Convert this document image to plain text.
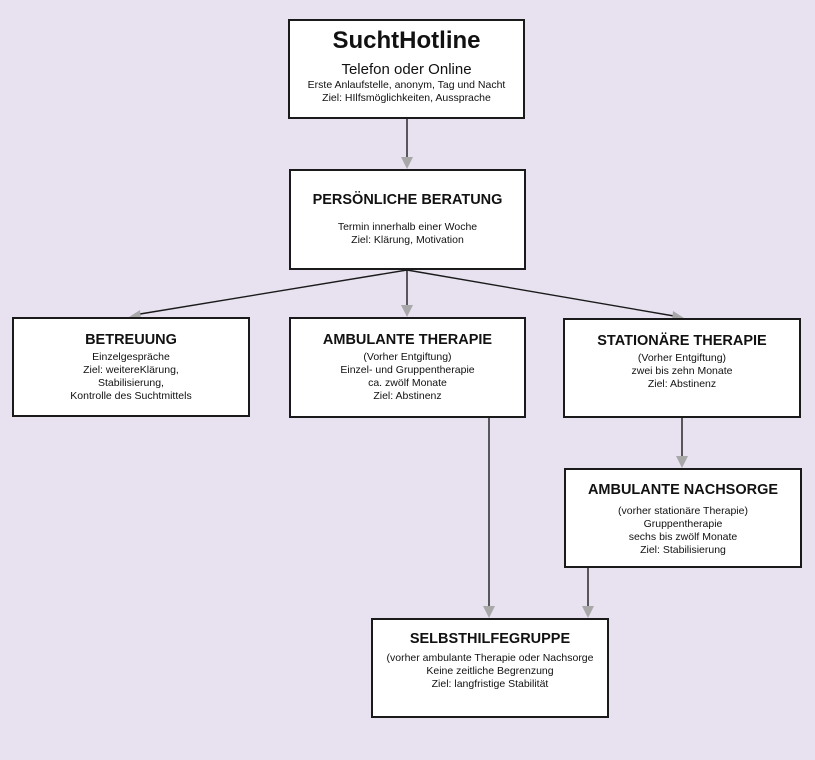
SuchtHotline
Telefon oder Online
Erste Anlaufstelle, anonym, Tag und Nacht
Ziel: HIlfsmöglichkeiten, Aussprache
PERSÖNLICHE BERATUNG
Termin innerhalb einer Woche
Ziel: Klärung, Motivation
BETREUUNG
Einzelgespräche
Ziel: weitereKlärung,
Stabilisierung,
Kontrolle des Suchtmittels
AMBULANTE THERAPIE
(Vorher Entgiftung)
Einzel- und Gruppentherapie
ca. zwölf Monate
Ziel: Abstinenz
STATIONÄRE THERAPIE
(Vorher Entgiftung)
zwei bis zehn Monate
Ziel: Abstinenz
AMBULANTE NACHSORGE
(vorher stationäre Therapie)
Gruppentherapie
sechs bis zwölf Monate
Ziel: Stabilisierung
SELBSTHILFEGRUPPE
(vorher ambulante Therapie oder Nachsorge
Keine zeitliche Begrenzung
Ziel: langfristige Stabilität
